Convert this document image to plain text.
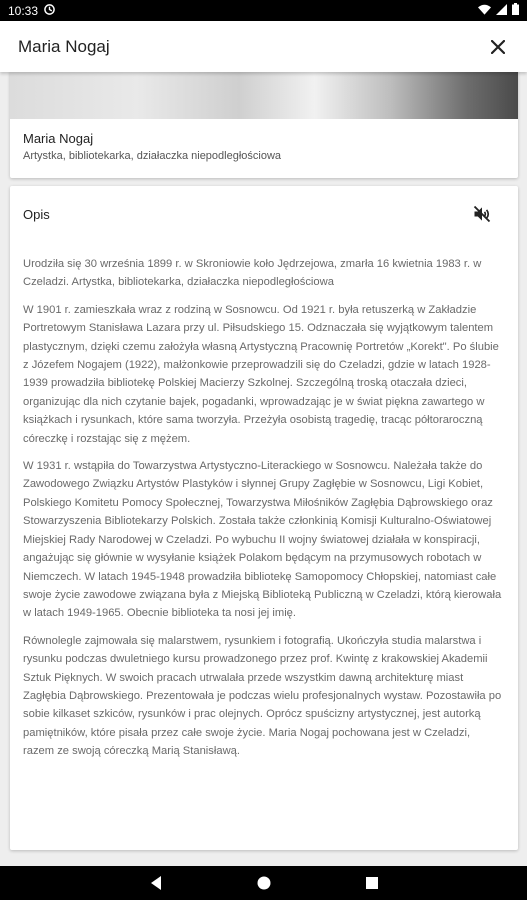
10:33
Maria Nogaj
Maria Nogaj
Artystka, bibliotekarka, działaczka niepodległościowa
Opis

Urodziła się 30 września 1899 r. w Skroniowie koło Jędrzejowa, zmarła 16 kwietnia 1983 r. w Czeladzi. Artystka, bibliotekarka, działaczka niepodległościowa

W 1901 r. zamieszkała wraz z rodziną w Sosnowcu. Od 1921 r. była retuszerką w Zakładzie Portretowym Stanisława Lazara przy ul. Piłsudskiego 15. Odznaczała się wyjątkowym talentem plastycznym, dzięki czemu założyła własną Artystyczną Pracownię Portretów „Korekt". Po ślubie z Józefem Nogajem (1922), małżonkowie przeprowadzili się do Czeladzi, gdzie w latach 1928-1939 prowadziła bibliotekę Polskiej Macierzy Szkolnej. Szczególną troską otaczała dzieci, organizując dla nich czytanie bajek, pogadanki, wprowadzając je w świat piękna zawartego w książkach i rysunkach, które sama tworzyła. Przeżyła osobistą tragedię, tracąc półtoraroczną córeczkę i rozstając się z mężem.

W 1931 r. wstąpiła do Towarzystwa Artystyczno-Literackiego w Sosnowcu. Należała także do Zawodowego Związku Artystów Plastyków i słynnej Grupy Zagłębie w Sosnowcu, Ligi Kobiet, Polskiego Komitetu Pomocy Społecznej, Towarzystwa Miłośników Zagłębia Dąbrowskiego oraz Stowarzyszenia Bibliotekarzy Polskich. Została także członkinią Komisji Kulturalno-Oświatowej Miejskiej Rady Narodowej w Czeladzi. Po wybuchu II wojny światowej działała w konspiracji, angażując się głównie w wysyłanie książek Polakom będącym na przymusowych robotach w Niemczech. W latach 1945-1948 prowadziła bibliotekę Samopomocy Chłopskiej, natomiast całe swoje życie zawodowe związana była z Miejską Biblioteką Publiczną w Czeladzi, którą kierowała w latach 1949-1965. Obecnie biblioteka ta nosi jej imię.

Równolegle zajmowała się malarstwem, rysunkiem i fotografią. Ukończyła studia malarstwa i rysunku podczas dwuletniego kursu prowadzonego przez prof. Kwintę z krakowskiej Akademii Sztuk Pięknych. W swoich pracach utrwalała przede wszystkim dawną architekturę miast Zagłębia Dąbrowskiego. Prezentowała je podczas wielu profesjonalnych wystaw. Pozostawiła po sobie kilkaset szkiców, rysunków i prac olejnych. Oprócz spuścizny artystycznej, jest autorką pamiętników, które pisała przez całe swoje życie. Maria Nogaj pochowana jest w Czeladzi, razem ze swoją córeczką Marią Stanisławą.
